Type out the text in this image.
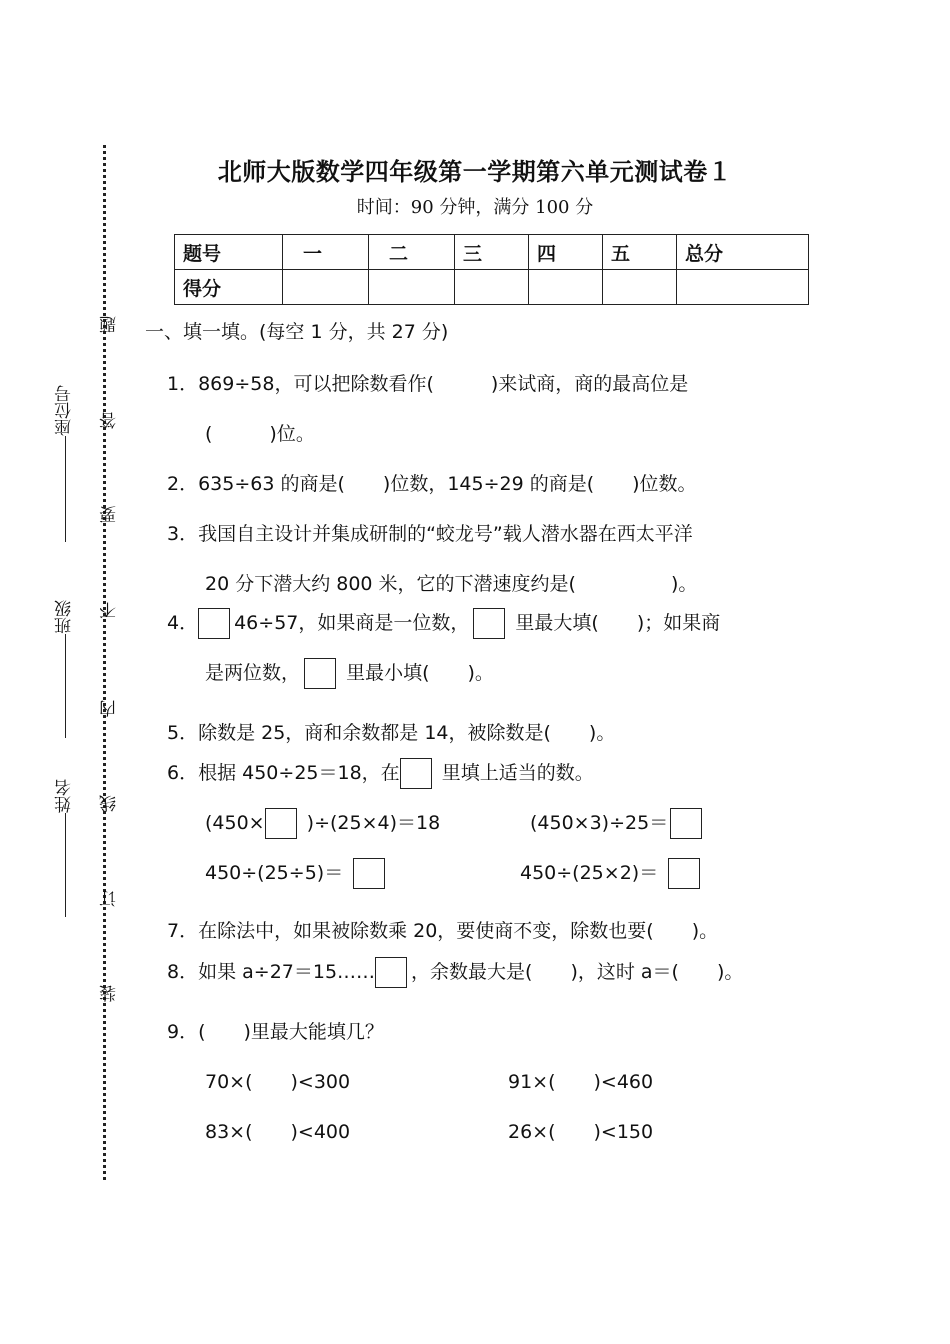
题
答
要
不
内
线
订
装
座位号
班级
姓名
北师大版数学四年级第一学期第六单元测试卷１
时间：90 分钟，满分 100 分
题号	一	二	三	四	五	总分
得分						
一、填一填。(每空 1 分，共 27 分)
1．869÷58，可以把除数看作(　　　)来试商，商的最高位是
(　　　)位。
2．635÷63 的商是(　　)位数，145÷29 的商是(　　)位数。
3．我国自主设计并集成研制的“蛟龙号”载人潜水器在西太平洋
20 分下潜大约 800 米，它的下潜速度约是(　　　　　)。
4． 46÷57，如果商是一位数， 里最大填(　　)；如果商
是两位数， 里最小填(　　)。
5．除数是 25，商和余数都是 14，被除数是(　　)。
6．根据 450÷25＝18，在 里填上适当的数。
(450× )÷(25×4)＝18	(450×3)÷25＝
450÷(25÷5)＝	450÷(25×2)＝
7．在除法中，如果被除数乘 20，要使商不变，除数也要(　　)。
8．如果 a÷27＝15…… ，余数最大是(　　)，这时 a＝(　　)。
9．(　　)里最大能填几？
70×(　　)<300	91×(　　)<460
83×(　　)<400	26×(　　)<150
